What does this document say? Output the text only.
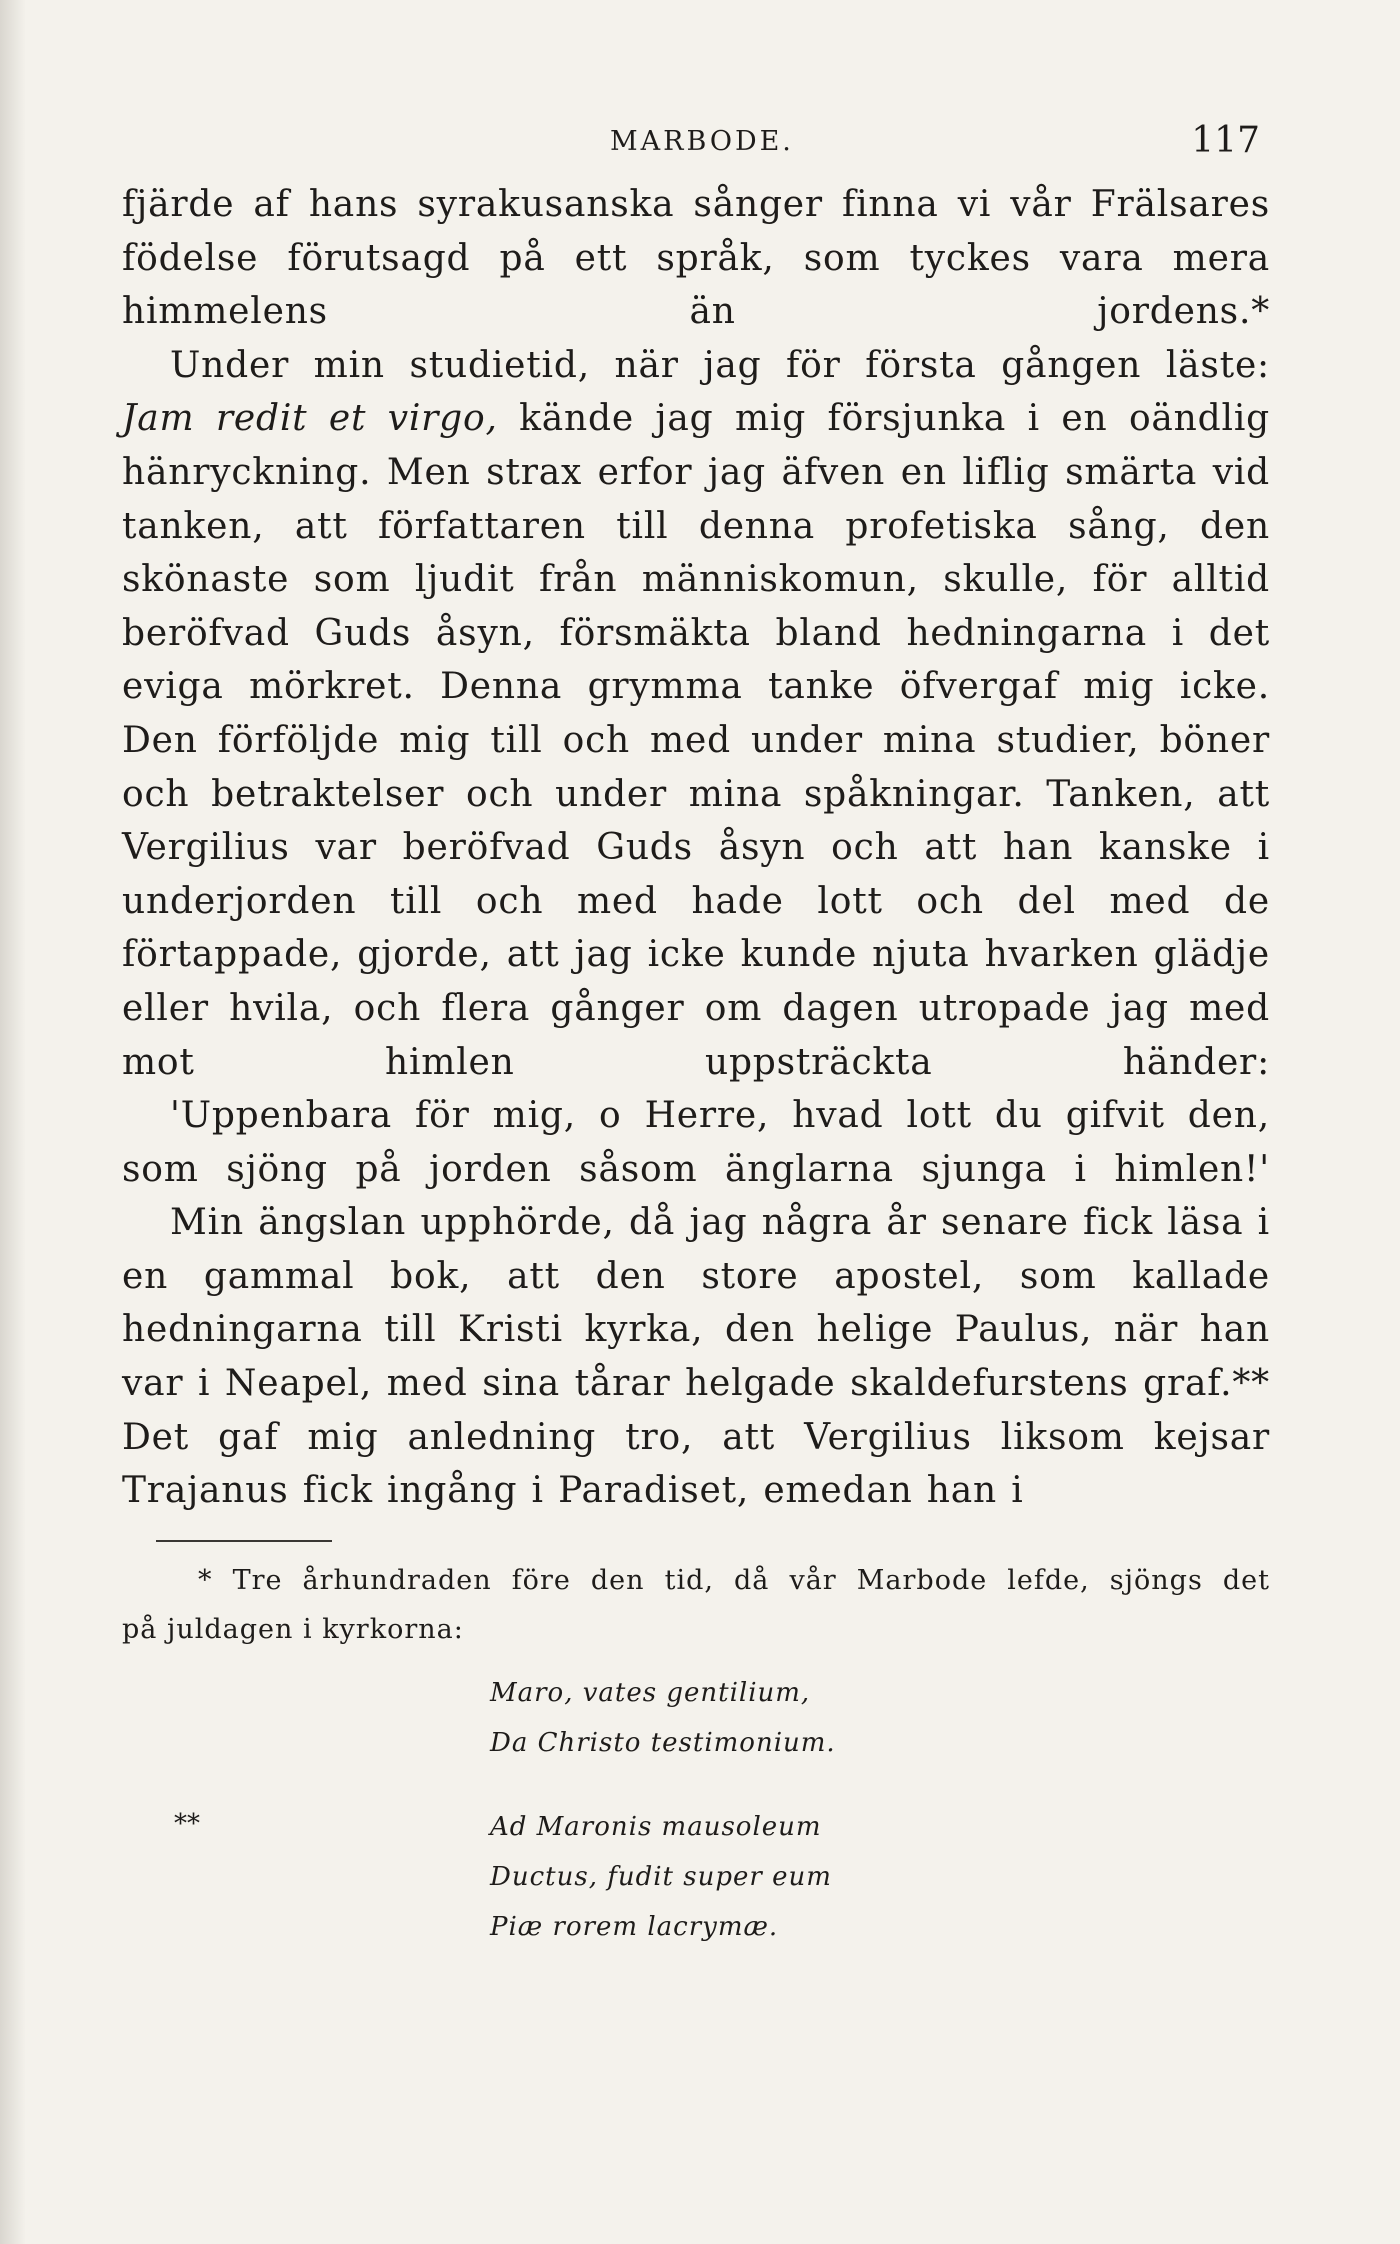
MARBODE.	117

fjärde af hans syrakusanska sånger finna vi vår Frälsares födelse förutsagd på ett språk, som tyckes vara mera himmelens än jordens.*

Under min studietid, när jag för första gången läste: Jam redit et virgo, kände jag mig försjunka i en oändlig hänryckning. Men strax erfor jag äfven en liflig smärta vid tanken, att författaren till denna profetiska sång, den skönaste som ljudit från människomun, skulle, för alltid beröfvad Guds åsyn, försmäkta bland hedningarna i det eviga mörkret. Denna grymma tanke öfvergaf mig icke. Den förföljde mig till och med under mina studier, böner och betraktelser och under mina spåkningar. Tanken, att Vergilius var beröfvad Guds åsyn och att han kanske i underjorden till och med hade lott och del med de förtappade, gjorde, att jag icke kunde njuta hvarken glädje eller hvila, och flera gånger om dagen utropade jag med mot himlen uppsträckta händer:

'Uppenbara för mig, o Herre, hvad lott du gifvit den, som sjöng på jorden såsom änglarna sjunga i himlen!'

Min ängslan upphörde, då jag några år senare fick läsa i en gammal bok, att den store apostel, som kallade hedningarna till Kristi kyrka, den helige Paulus, när han var i Neapel, med sina tårar helgade skaldefurstens graf.** Det gaf mig anledning tro, att Vergilius liksom kejsar Trajanus fick ingång i Paradiset, emedan han i

* Tre århundraden före den tid, då vår Marbode lefde, sjöngs det
på juldagen i kyrkorna:
Maro, vates gentilium,
Da Christo testimonium.
**	Ad Maronis mausoleum
Ductus, fudit super eum
Piæ rorem lacrymæ.
